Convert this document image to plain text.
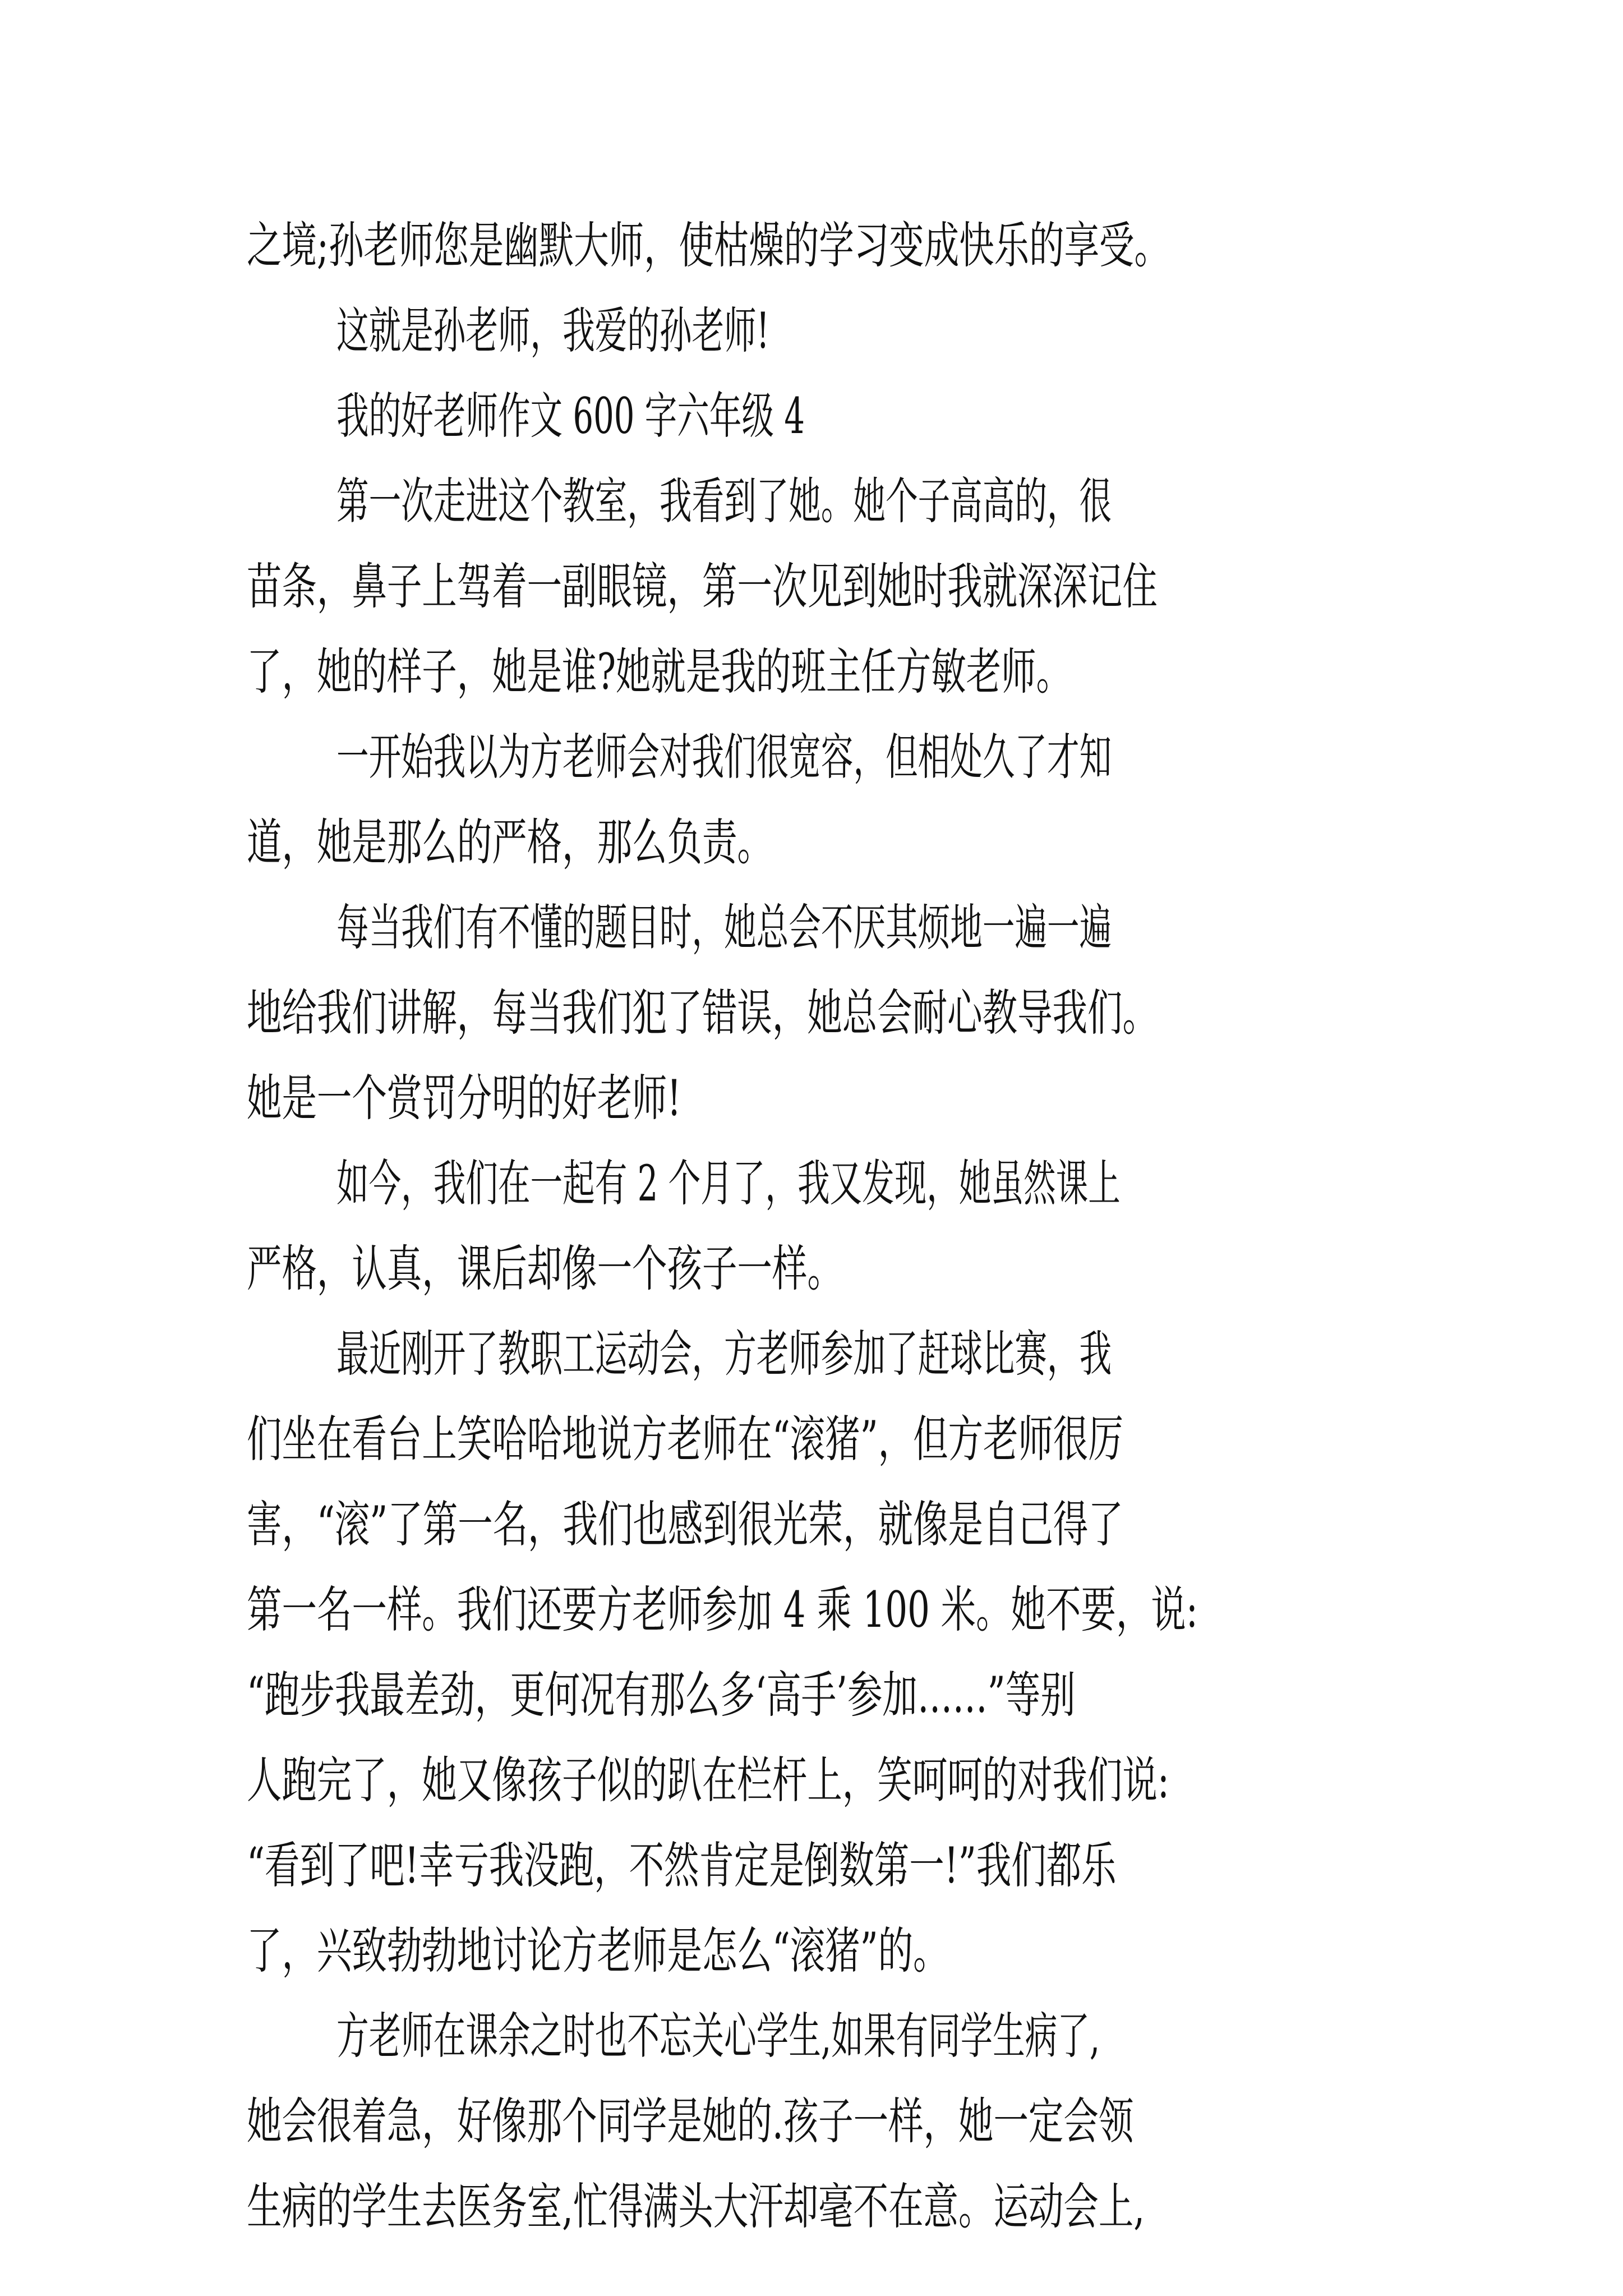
之境;孙老师您是幽默大师，使枯燥的学习变成快乐的享受。
这就是孙老师，我爱的孙老师!
我的好老师作文 600 字六年级 4
第一次走进这个教室，我看到了她。她个子高高的，很
苗条，鼻子上驾着一副眼镜，第一次见到她时我就深深记住
了，她的样子，她是谁?她就是我的班主任方敏老师。
一开始我以为方老师会对我们很宽容，但相处久了才知
道，她是那么的严格，那么负责。
每当我们有不懂的题目时，她总会不厌其烦地一遍一遍
地给我们讲解，每当我们犯了错误，她总会耐心教导我们。
她是一个赏罚分明的好老师!
如今，我们在一起有 2 个月了，我又发现，她虽然课上
严格，认真，课后却像一个孩子一样。
最近刚开了教职工运动会，方老师参加了赶球比赛，我
们坐在看台上笑哈哈地说方老师在“滚猪”，但方老师很厉
害，“滚”了第一名，我们也感到很光荣，就像是自己得了
第一名一样。我们还要方老师参加 4 乘 100 米。她不要，说:
“跑步我最差劲，更何况有那么多‘高手’参加……”等别
人跑完了，她又像孩子似的趴在栏杆上，笑呵呵的对我们说:
“看到了吧!幸亏我没跑，不然肯定是倒数第一!”我们都乐
了，兴致勃勃地讨论方老师是怎么“滚猪”的。
方老师在课余之时也不忘关心学生,如果有同学生病了,
她会很着急，好像那个同学是她的.孩子一样，她一定会领
生病的学生去医务室,忙得满头大汗却毫不在意。运动会上,
